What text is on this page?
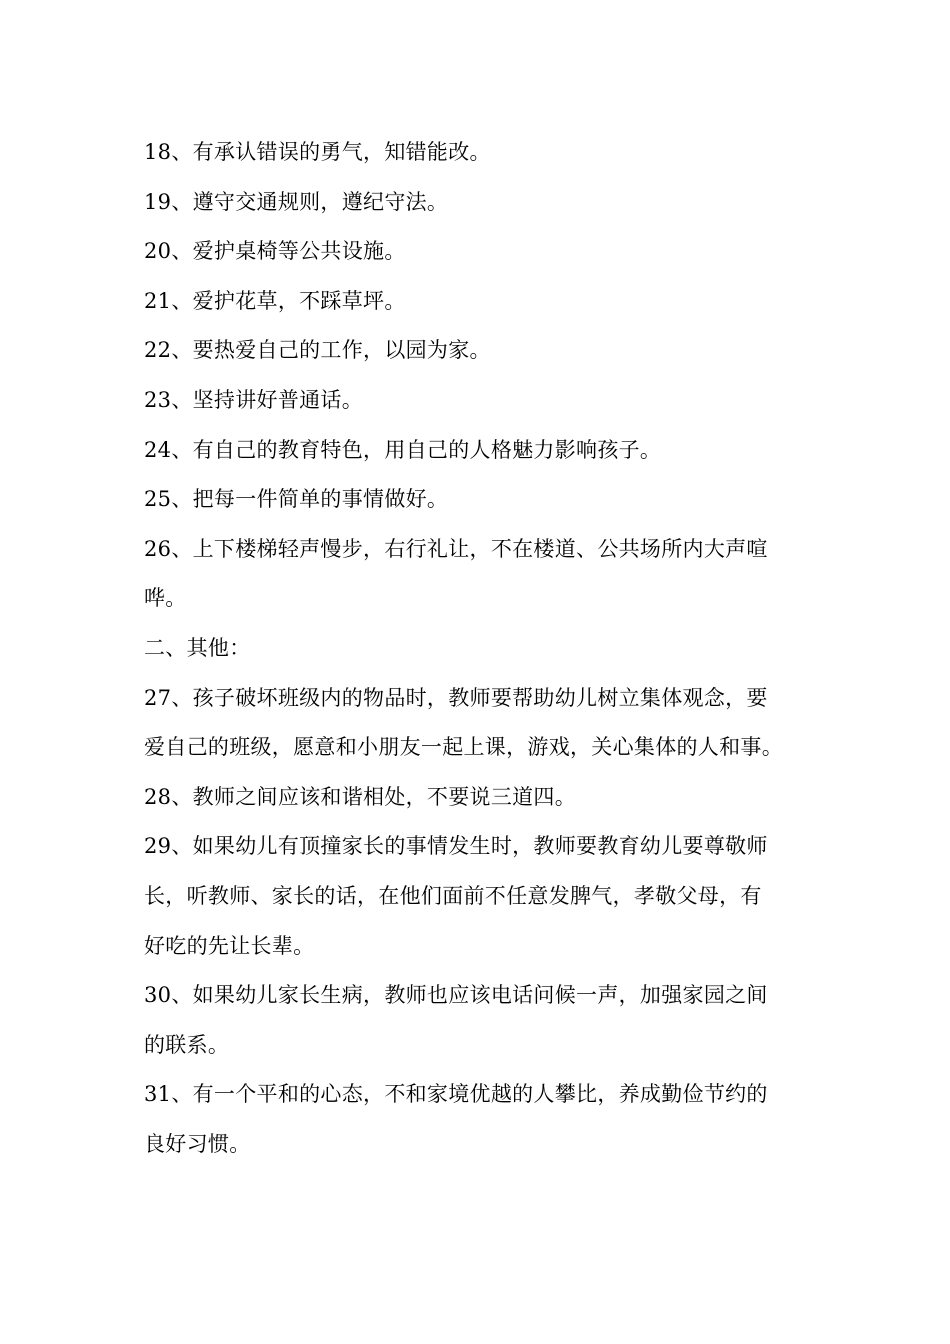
18、有承认错误的勇气，知错能改。
19、遵守交通规则，遵纪守法。
20、爱护桌椅等公共设施。
21、爱护花草，不踩草坪。
22、要热爱自己的工作，以园为家。
23、坚持讲好普通话。
24、有自己的教育特色，用自己的人格魅力影响孩子。
25、把每一件简单的事情做好。
26、上下楼梯轻声慢步，右行礼让，不在楼道、公共场所内大声喧
哗。
二、其他：
27、孩子破坏班级内的物品时，教师要帮助幼儿树立集体观念，要
爱自己的班级，愿意和小朋友一起上课，游戏，关心集体的人和事。
28、教师之间应该和谐相处，不要说三道四。
29、如果幼儿有顶撞家长的事情发生时，教师要教育幼儿要尊敬师
长，听教师、家长的话，在他们面前不任意发脾气，孝敬父母，有
好吃的先让长辈。
30、如果幼儿家长生病，教师也应该电话问候一声，加强家园之间
的联系。
31、有一个平和的心态，不和家境优越的人攀比，养成勤俭节约的
良好习惯。
